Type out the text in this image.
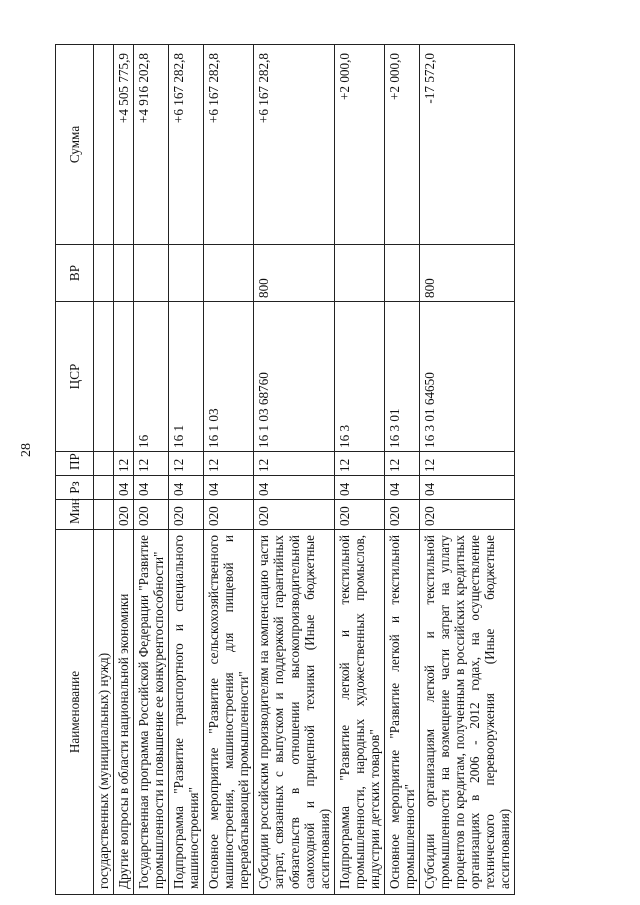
28
Наименование	Мин	Рз	ПР	ЦСР	ВР	Сумма
государственных (муниципальных) нужд)						
Другие вопросы в области национальной экономики	020	04	12			+4 505 775,9
Государственная программа Российской Федерации "Развитие промышленности и повышение ее конкурентоспособности"	020	04	12	16		+4 916 202,8
Подпрограмма "Развитие транспортного и специального машиностроения"	020	04	12	16 1		+6 167 282,8
Основное мероприятие "Развитие сельскохозяйственного машиностроения, машиностроения для пищевой и перерабатывающей промышленности"	020	04	12	16 1 03		+6 167 282,8
Субсидии российским производителям на компенсацию части затрат, связанных с выпуском и поддержкой гарантийных обязательств в отношении высокопроизводительной самоходной и прицепной техники (Иные бюджетные ассигнования)	020	04	12	16 1 03 68760	800	+6 167 282,8
Подпрограмма "Развитие легкой и текстильной промышленности, народных художественных промыслов, индустрии детских товаров"	020	04	12	16 3		+2 000,0
Основное мероприятие "Развитие легкой и текстильной промышленности"	020	04	12	16 3 01		+2 000,0
Субсидии организациям легкой и текстильной промышленности на возмещение части затрат на уплату процентов по кредитам, полученным в российских кредитных организациях в 2006 - 2012 годах, на осуществление технического перевооружения (Иные бюджетные ассигнования)	020	04	12	16 3 01 64650	800	-17 572,0
